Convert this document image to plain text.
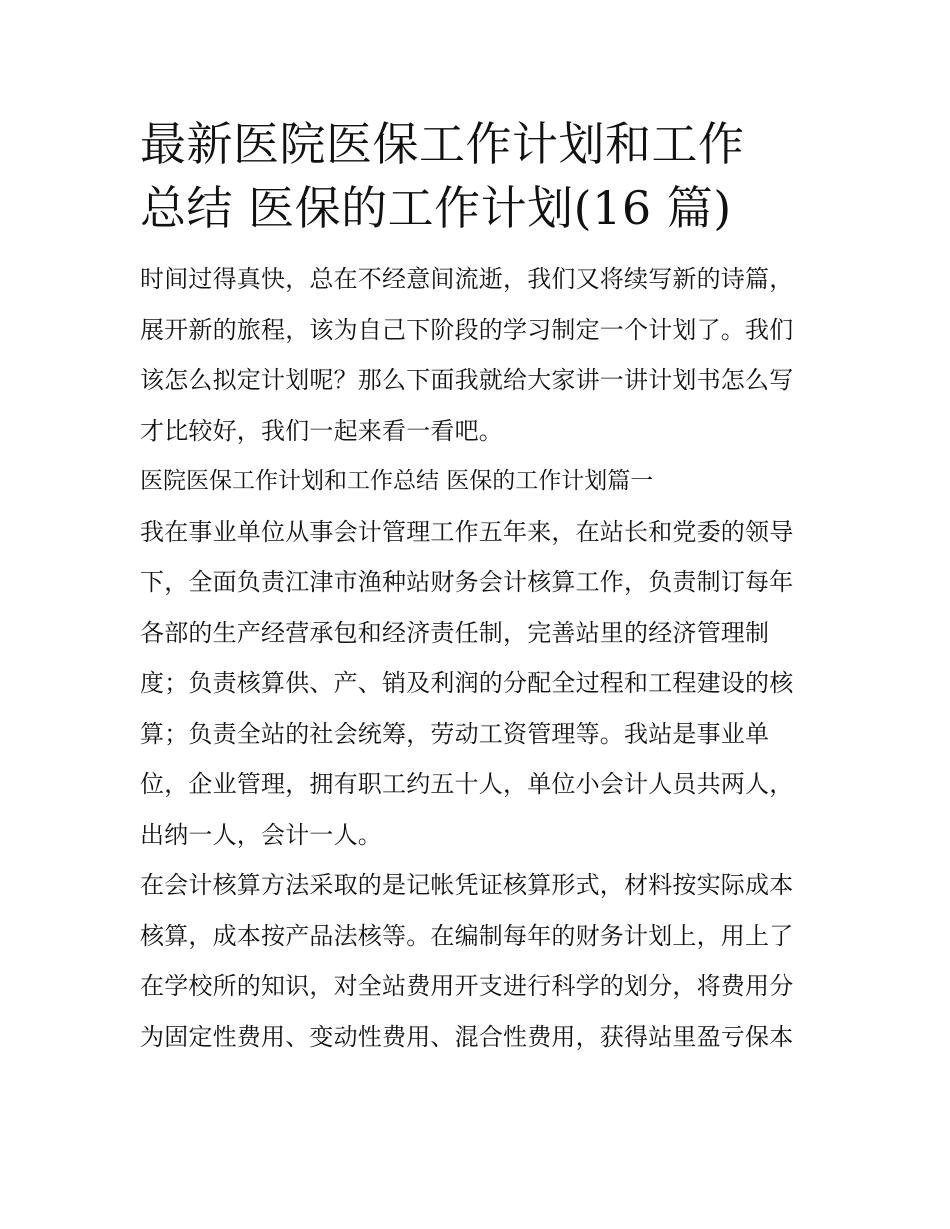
最新医院医保工作计划和工作
总结 医保的工作计划(16 篇)

时间过得真快，总在不经意间流逝，我们又将续写新的诗篇，
展开新的旅程，该为自己下阶段的学习制定一个计划了。我们
该怎么拟定计划呢？那么下面我就给大家讲一讲计划书怎么写
才比较好，我们一起来看一看吧。

医院医保工作计划和工作总结 医保的工作计划篇一

我在事业单位从事会计管理工作五年来，在站长和党委的领导
下，全面负责江津市渔种站财务会计核算工作，负责制订每年
各部的生产经营承包和经济责任制，完善站里的经济管理制
度；负责核算供、产、销及利润的分配全过程和工程建设的核
算；负责全站的社会统筹，劳动工资管理等。我站是事业单
位，企业管理，拥有职工约五十人，单位小会计人员共两人，
出纳一人，会计一人。

在会计核算方法采取的是记帐凭证核算形式，材料按实际成本
核算，成本按产品法核等。在编制每年的财务计划上，用上了
在学校所的知识，对全站费用开支进行科学的划分，将费用分
为固定性费用、变动性费用、混合性费用，获得站里盈亏保本
